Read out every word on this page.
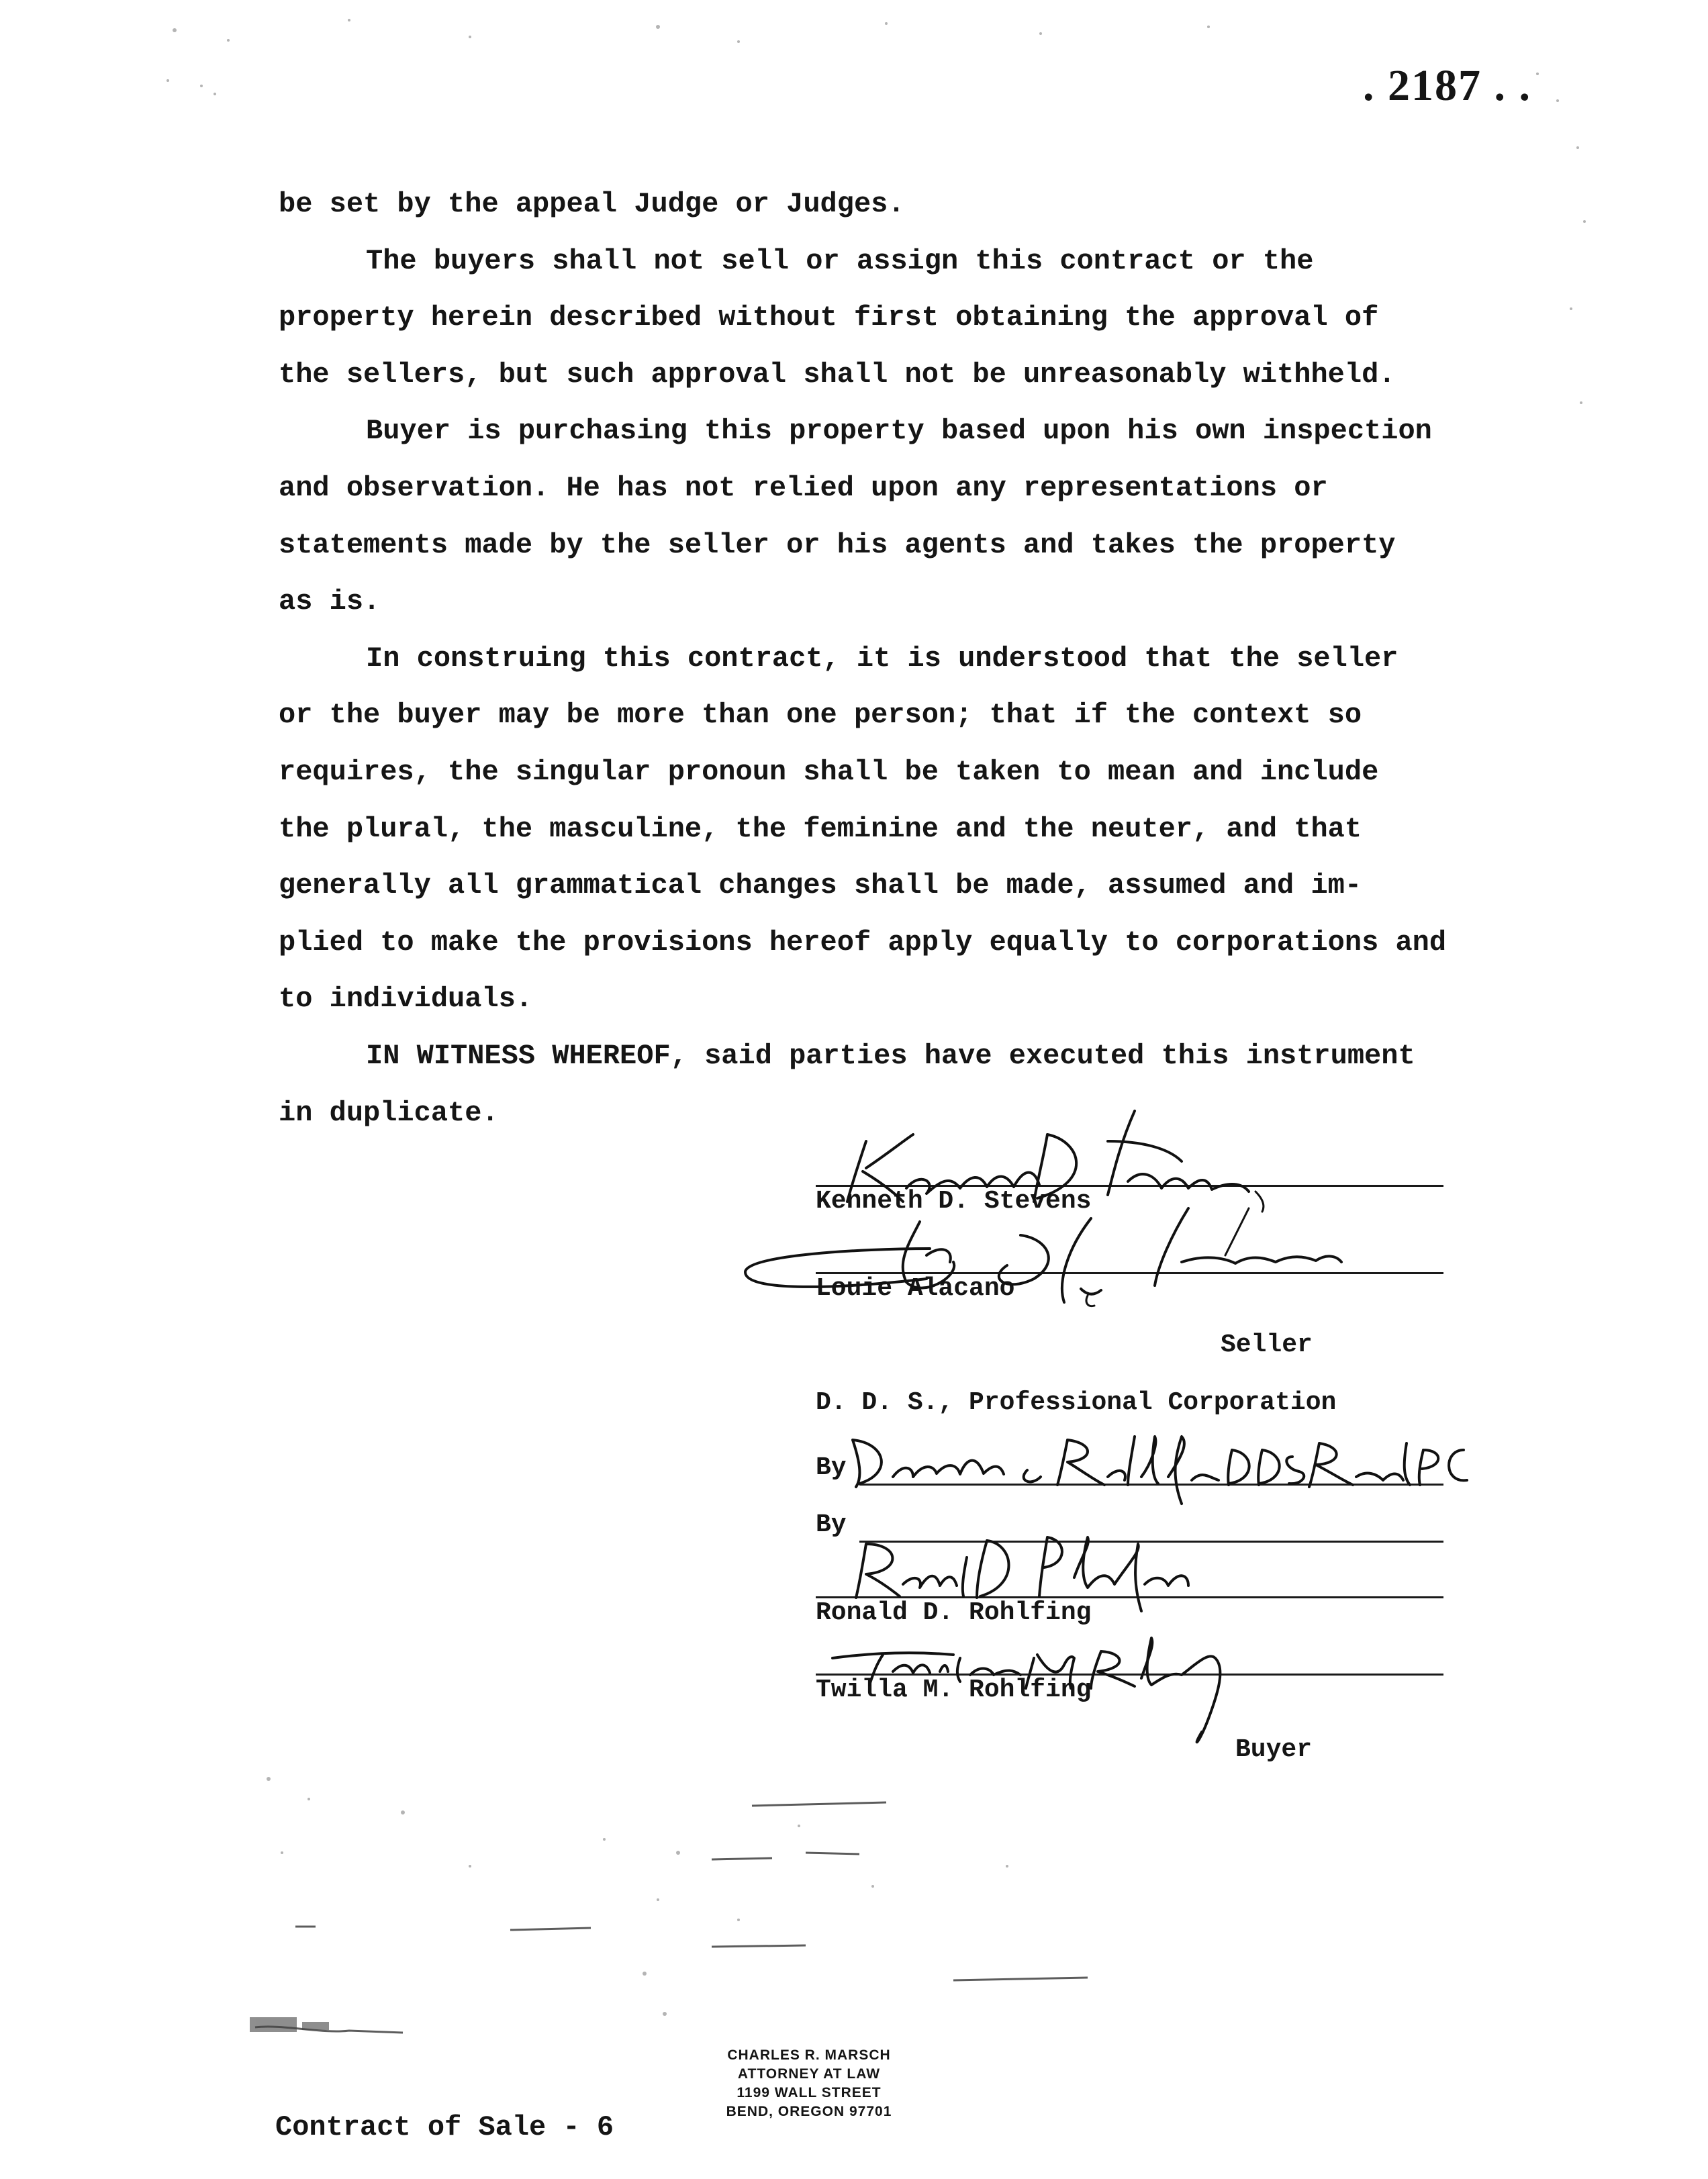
. 2187 . .

be set by the appeal Judge or Judges.

The buyers shall not sell or assign this contract or the
property herein described without first obtaining the approval of
the sellers, but such approval shall not be unreasonably withheld.

Buyer is purchasing this property based upon his own inspection
and observation. He has not relied upon any representations or
statements made by the seller or his agents and takes the property
as is.

In construing this contract, it is understood that the seller
or the buyer may be more than one person; that if the context so
requires, the singular pronoun shall be taken to mean and include
the plural, the masculine, the feminine and the neuter, and that
generally all grammatical changes shall be made, assumed and im-
plied to make the provisions hereof apply equally to corporations and
to individuals.

IN WITNESS WHEREOF, said parties have executed this instrument
in duplicate.

Kenneth D. Stevens
Louie Alacano
Seller
D. D. S., Professional Corporation
By
By
Ronald D. Rohlfing
Twilla M. Rohlfing
Buyer
CHARLES R. MARSCH
ATTORNEY AT LAW
1199 WALL STREET
BEND, OREGON 97701
Contract of Sale - 6
